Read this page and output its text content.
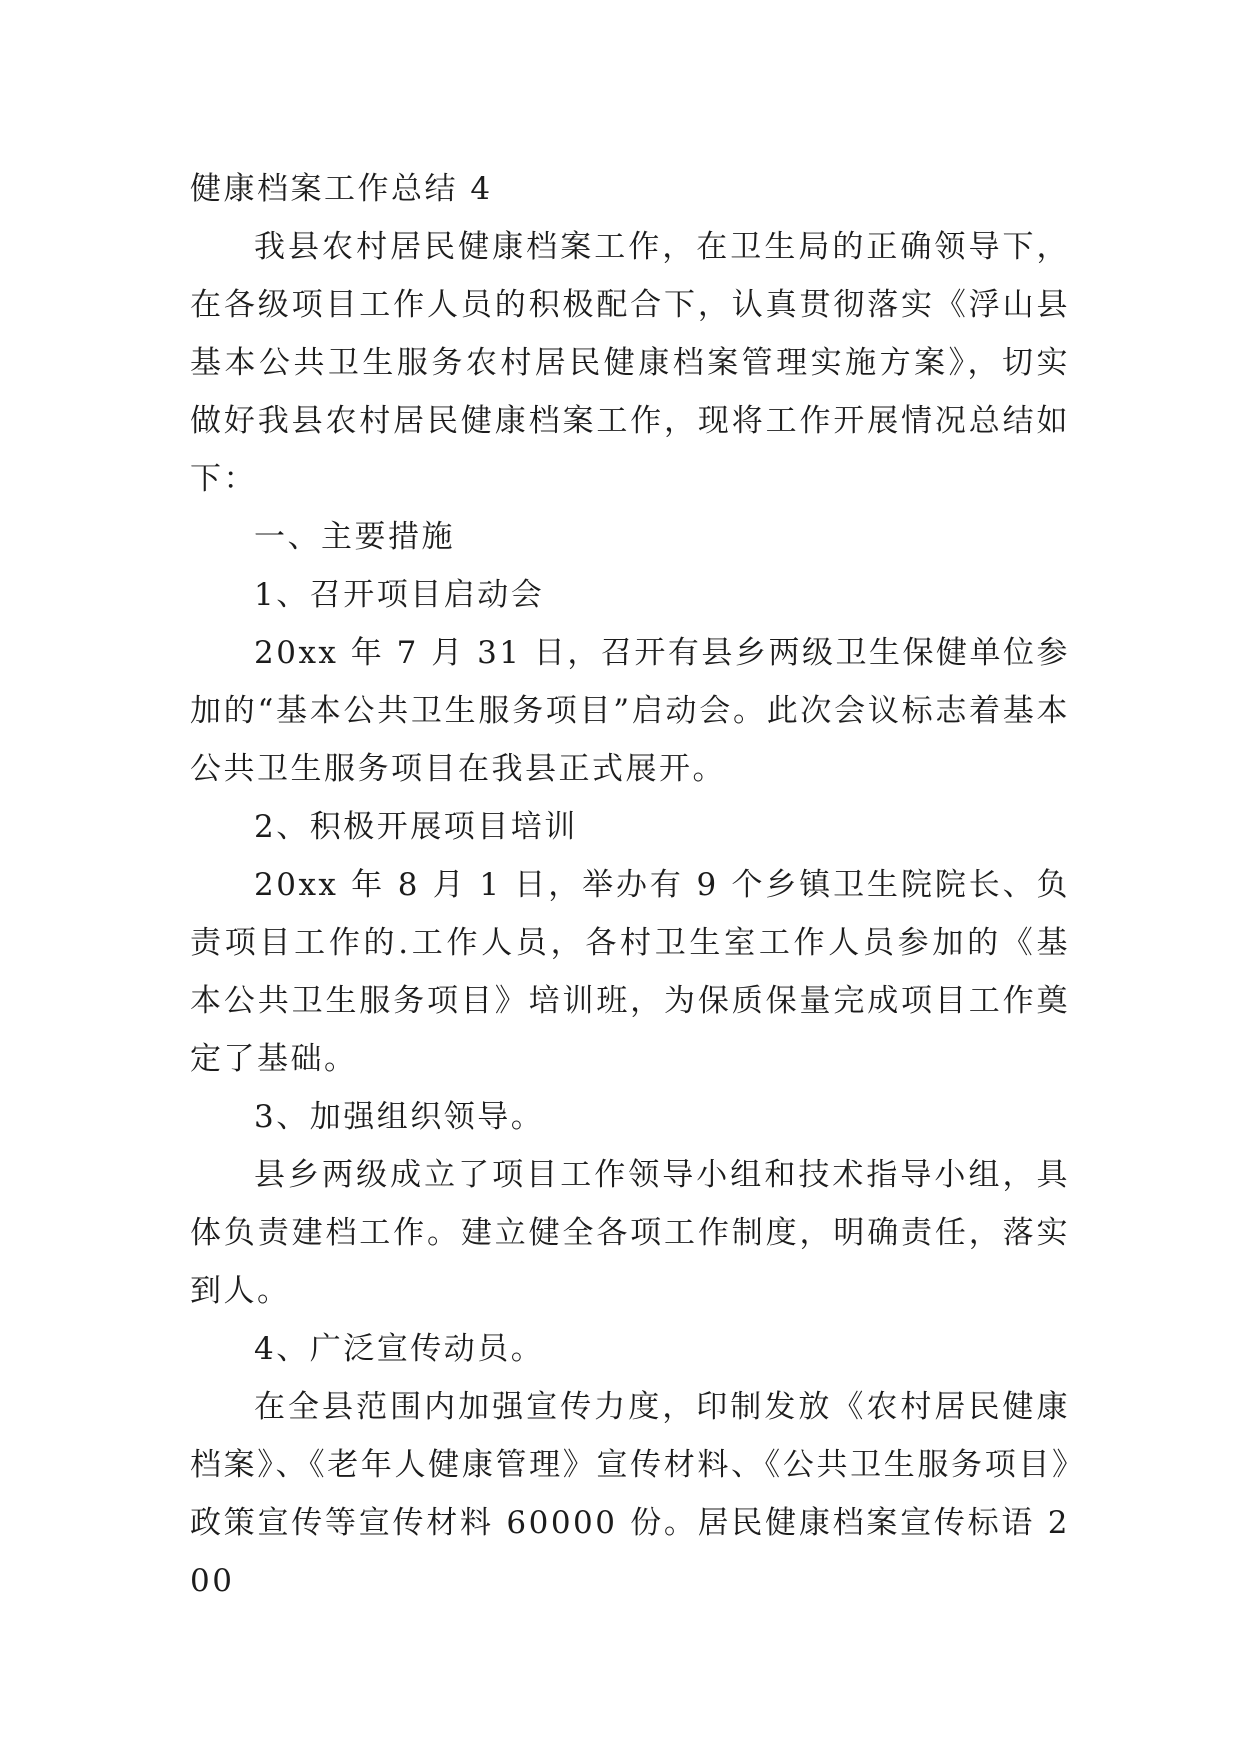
健康档案工作总结 4

我县农村居民健康档案工作，在卫生局的正确领导下，在各级项目工作人员的积极配合下，认真贯彻落实《浮山县基本公共卫生服务农村居民健康档案管理实施方案》，切实做好我县农村居民健康档案工作，现将工作开展情况总结如下：

一、主要措施

1、召开项目启动会

20xx 年 7 月 31 日，召开有县乡两级卫生保健单位参加的“基本公共卫生服务项目”启动会。此次会议标志着基本公共卫生服务项目在我县正式展开。

2、积极开展项目培训

20xx 年 8 月 1 日，举办有 9 个乡镇卫生院院长、负责项目工作的.工作人员，各村卫生室工作人员参加的《基本公共卫生服务项目》培训班，为保质保量完成项目工作奠定了基础。

3、加强组织领导。

县乡两级成立了项目工作领导小组和技术指导小组，具体负责建档工作。建立健全各项工作制度，明确责任，落实到人。

4、广泛宣传动员。

在全县范围内加强宣传力度，印制发放《农村居民健康档案》、《老年人健康管理》宣传材料、《公共卫生服务项目》政策宣传等宣传材料 60000 份。居民健康档案宣传标语 200
